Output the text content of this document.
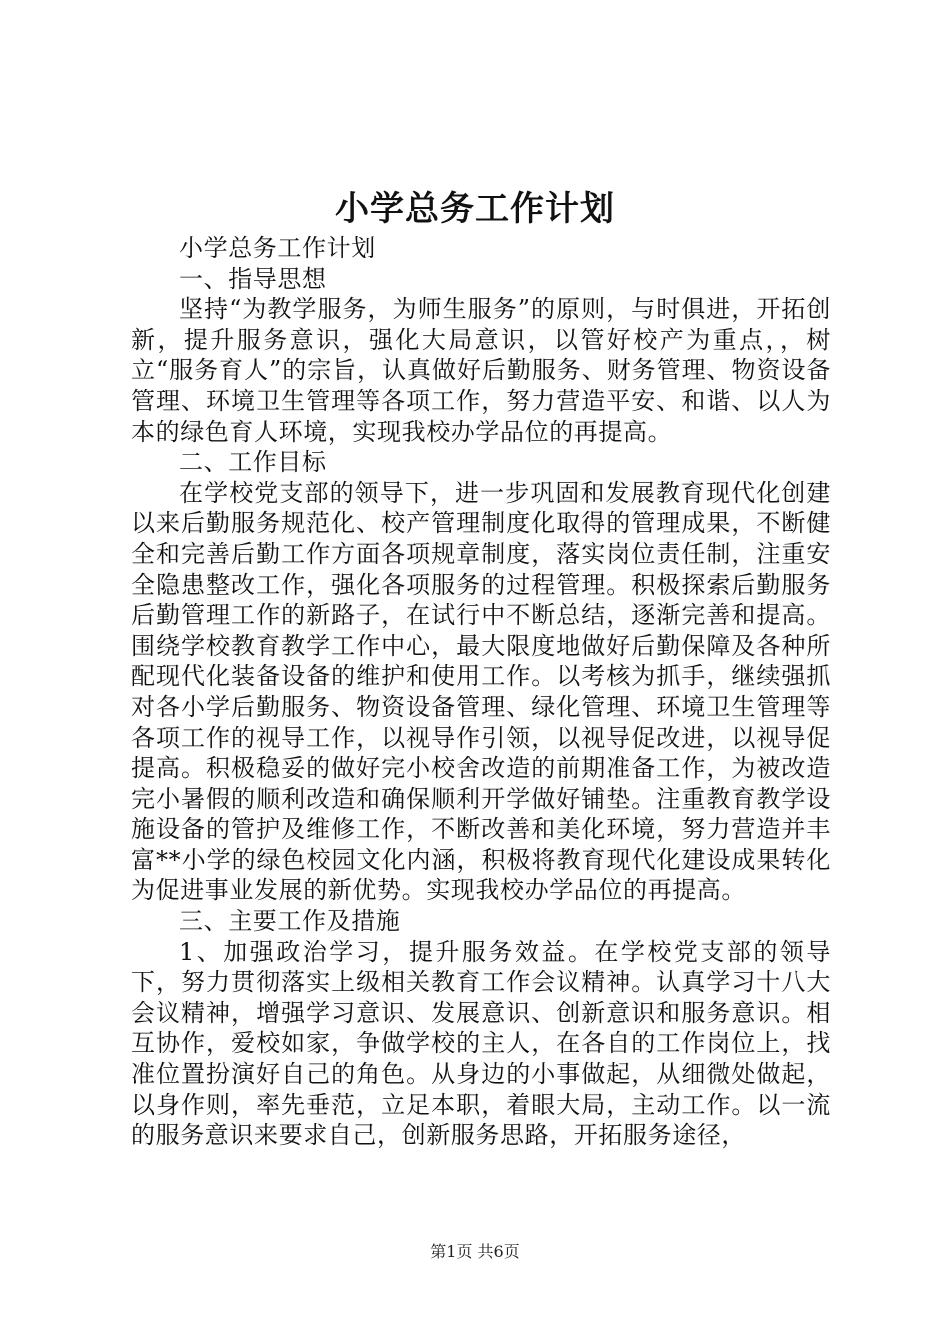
小学总务工作计划

小学总务工作计划

一、指导思想

坚持“为教学服务，为师生服务”的原则，与时俱进，开拓创新，提升服务意识，强化大局意识，以管好校产为重点，，树立“服务育人”的宗旨，认真做好后勤服务、财务管理、物资设备管理、环境卫生管理等各项工作，努力营造平安、和谐、以人为本的绿色育人环境，实现我校办学品位的再提高。

二、工作目标

在学校党支部的领导下，进一步巩固和发展教育现代化创建以来后勤服务规范化、校产管理制度化取得的管理成果，不断健全和完善后勤工作方面各项规章制度，落实岗位责任制，注重安全隐患整改工作，强化各项服务的过程管理。积极探索后勤服务后勤管理工作的新路子，在试行中不断总结，逐渐完善和提高。围绕学校教育教学工作中心，最大限度地做好后勤保障及各种所配现代化装备设备的维护和使用工作。以考核为抓手，继续强抓对各小学后勤服务、物资设备管理、绿化管理、环境卫生管理等各项工作的视导工作，以视导作引领，以视导促改进，以视导促提高。积极稳妥的做好完小校舍改造的前期准备工作，为被改造完小暑假的顺利改造和确保顺利开学做好铺垫。注重教育教学设施设备的管护及维修工作，不断改善和美化环境，努力营造并丰富**小学的绿色校园文化内涵，积极将教育现代化建设成果转化为促进事业发展的新优势。实现我校办学品位的再提高。

三、主要工作及措施

1、加强政治学习，提升服务效益。在学校党支部的领导下，努力贯彻落实上级相关教育工作会议精神。认真学习十八大会议精神，增强学习意识、发展意识、创新意识和服务意识。相互协作，爱校如家，争做学校的主人，在各自的工作岗位上，找准位置扮演好自己的角色。从身边的小事做起，从细微处做起，以身作则，率先垂范，立足本职，着眼大局，主动工作。以一流的服务意识来要求自己，创新服务思路，开拓服务途径，

第1页 共6页
